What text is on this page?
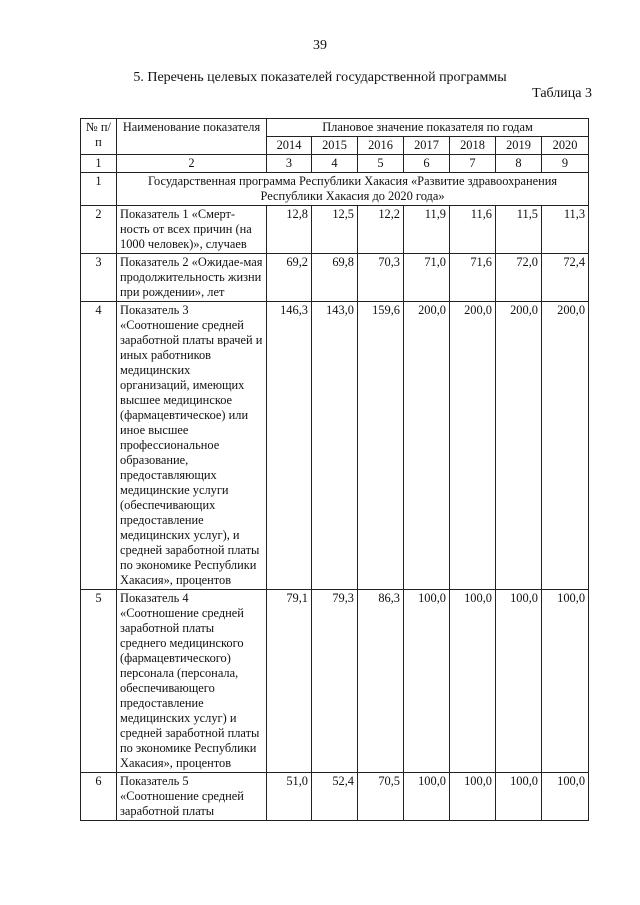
39
5. Перечень целевых показателей государственной программы
Таблица 3
№ п/п	Наименование показателя	Плановое значение показателя по годам						
		2014	2015	2016	2017	2018	2019	2020
1	2	3	4	5	6	7	8	9
1	Государственная программа Республики Хакасия «Развитие здравоохранения Республики Хакасия до 2020 года»							
2	Показатель 1 «Смерт-ность от всех причин (на 1000 человек)», случаев	12,8	12,5	12,2	11,9	11,6	11,5	11,3
3	Показатель 2 «Ожидае-мая продолжительность жизни при рождении», лет	69,2	69,8	70,3	71,0	71,6	72,0	72,4
4	Показатель 3 «Соотношение средней заработной платы врачей и иных работников медицинских организаций, имеющих высшее медицинское (фармацевтическое) или иное высшее профессиональное образование, предоставляющих медицинские услуги (обеспечивающих предоставление медицинских услуг), и средней заработной платы по экономике Республики Хакасия», процентов	146,3	143,0	159,6	200,0	200,0	200,0	200,0
5	Показатель 4 «Соотношение средней заработной платы среднего медицинского (фармацевтического) персонала (персонала, обеспечивающего предоставление медицинских услуг) и средней заработной платы по экономике Республики Хакасия», процентов	79,1	79,3	86,3	100,0	100,0	100,0	100,0
6	Показатель 5 «Соотношение средней заработной платы	51,0	52,4	70,5	100,0	100,0	100,0	100,0
